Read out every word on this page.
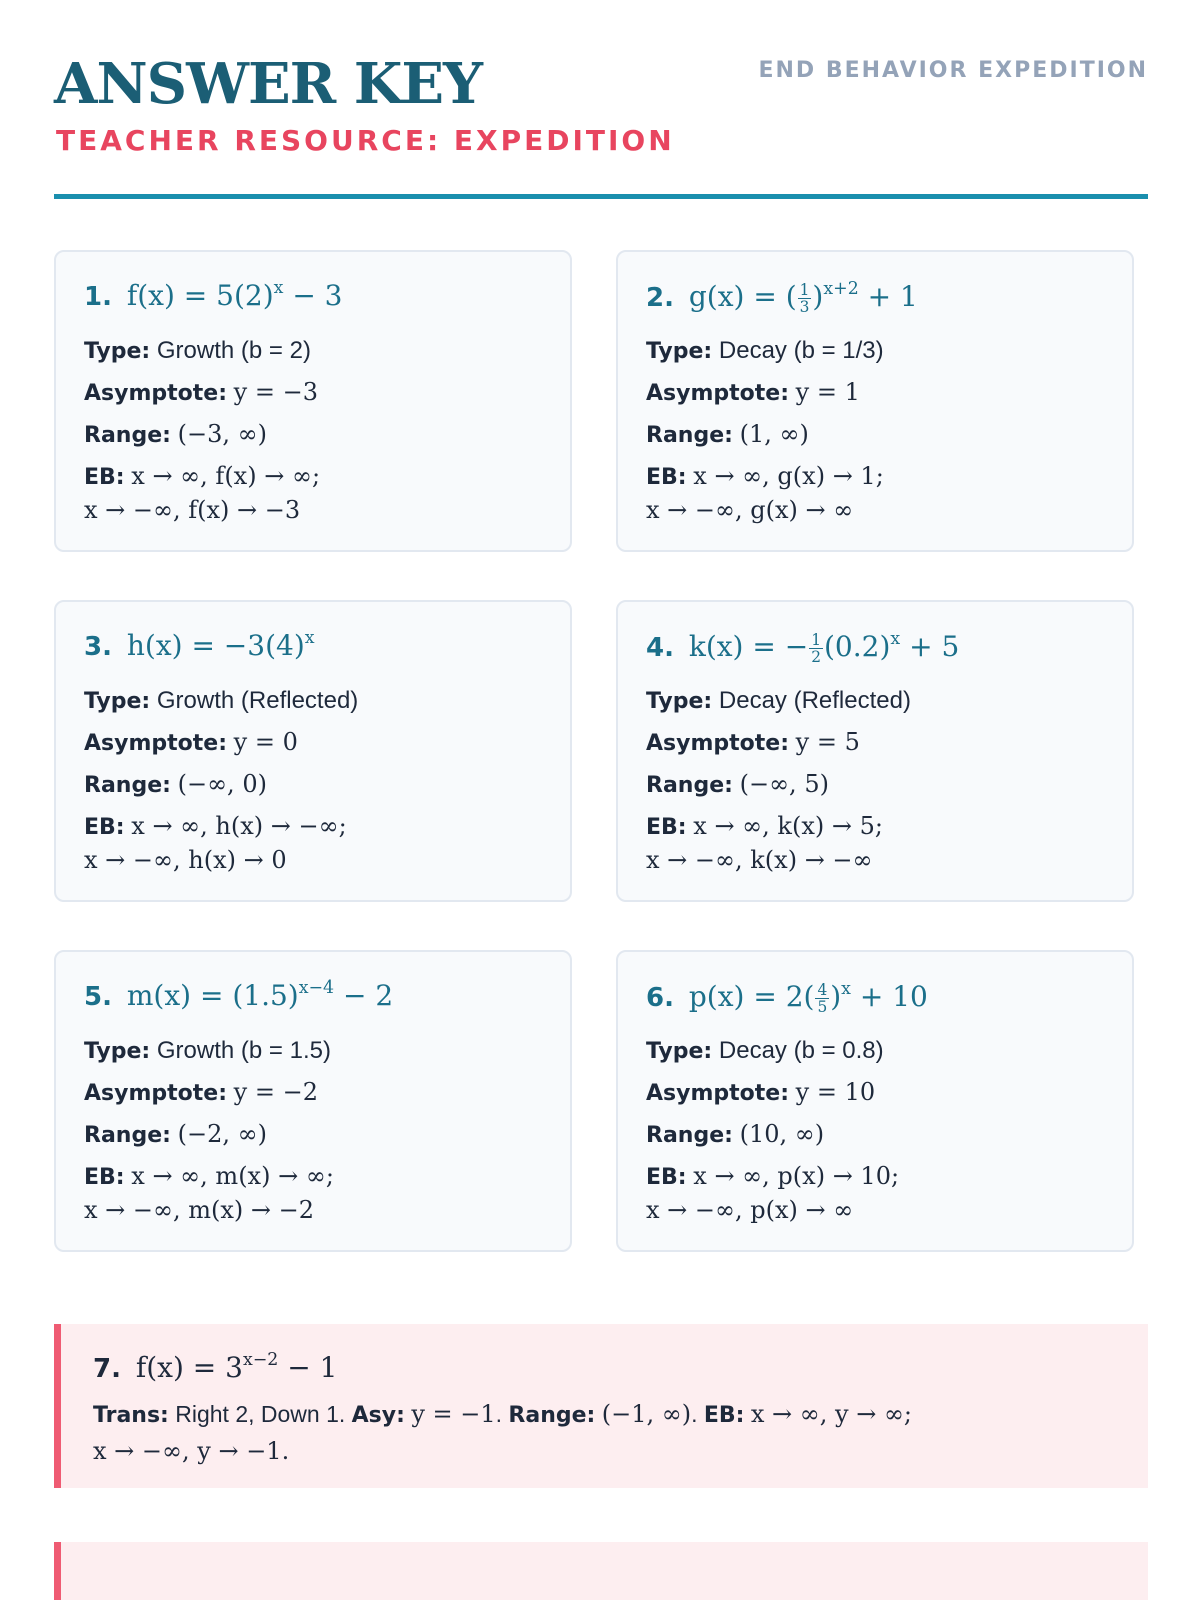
ANSWER KEY
TEACHER RESOURCE: EXPEDITION
END BEHAVIOR EXPEDITION
1. $f(x) = 5(2)^x - 3$
Type: Growth (b = 2)
Asymptote: y = −3
Range: (−3, ∞)
EB: x → ∞, f(x) → ∞;
x → −∞, f(x) → −3
2. g(x) = ( $\frac{1}{3} )^{x+2} + 1$
Type: Decay (b = 1/3)
Asymptote: y = 1
Range: (1, ∞)
EB: x → ∞, g(x) → 1;
x → −∞, g(x) → ∞
3. $h(x) = -3(4)^x$
Type: Growth (Reflected)
Asymptote: y = 0
Range: (−∞, 0)
EB: x → ∞, h(x) → −∞;
x → −∞, h(x) → 0
4. k(x) = − $\frac{1}{2} (0.2)^x + 5$
Type: Decay (Reflected)
Asymptote: y = 5
Range: (−∞, 5)
EB: x → ∞, k(x) → 5;
x → −∞, k(x) → −∞
5. $m(x) = (1.5)^{x-4} - 2$
Type: Growth (b = 1.5)
Asymptote: y = −2
Range: (−2, ∞)
EB: x → ∞, m(x) → ∞;
x → −∞, m(x) → −2
6. $p(x) = 2( \frac{4}{5} )^x + 10$
Type: Decay (b = 0.8)
Asymptote: y = 10
Range: (10, ∞)
EB: x → ∞, p(x) → 10;
x → −∞, p(x) → ∞
7. $f(x) = 3^{x-2} - 1$
Trans: Right 2, Down 1. Asy: y = −1. Range: (−1, ∞). EB: x → ∞, y → ∞;
x → −∞, y → −1.
